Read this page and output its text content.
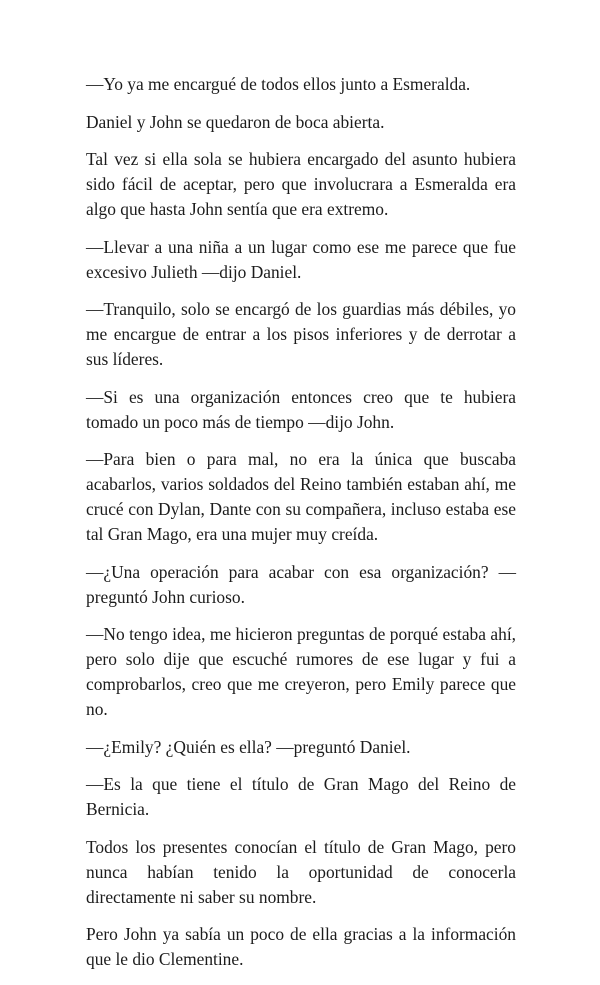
—Yo ya me encargué de todos ellos junto a Esmeralda.

Daniel y John se quedaron de boca abierta.

Tal vez si ella sola se hubiera encargado del asunto hubiera sido fácil de aceptar, pero que involucrara a Esmeralda era algo que hasta John sentía que era extremo.

—Llevar a una niña a un lugar como ese me parece que fue excesivo Julieth —dijo Daniel.

—Tranquilo, solo se encargó de los guardias más débiles, yo me encargue de entrar a los pisos inferiores y de derrotar a sus líderes.

—Si es una organización entonces creo que te hubiera tomado un poco más de tiempo —dijo John.

—Para bien o para mal, no era la única que buscaba acabarlos, varios soldados del Reino también estaban ahí, me crucé con Dylan, Dante con su compañera, incluso estaba ese tal Gran Mago, era una mujer muy creída.

—¿Una operación para acabar con esa organización? —preguntó John curioso.

—No tengo idea, me hicieron preguntas de porqué estaba ahí, pero solo dije que escuché rumores de ese lugar y fui a comprobarlos, creo que me creyeron, pero Emily parece que no.

—¿Emily? ¿Quién es ella? —preguntó Daniel.

—Es la que tiene el título de Gran Mago del Reino de Bernicia.

Todos los presentes conocían el título de Gran Mago, pero nunca habían tenido la oportunidad de conocerla directamente ni saber su nombre.

Pero John ya sabía un poco de ella gracias a la información que le dio Clementine.
